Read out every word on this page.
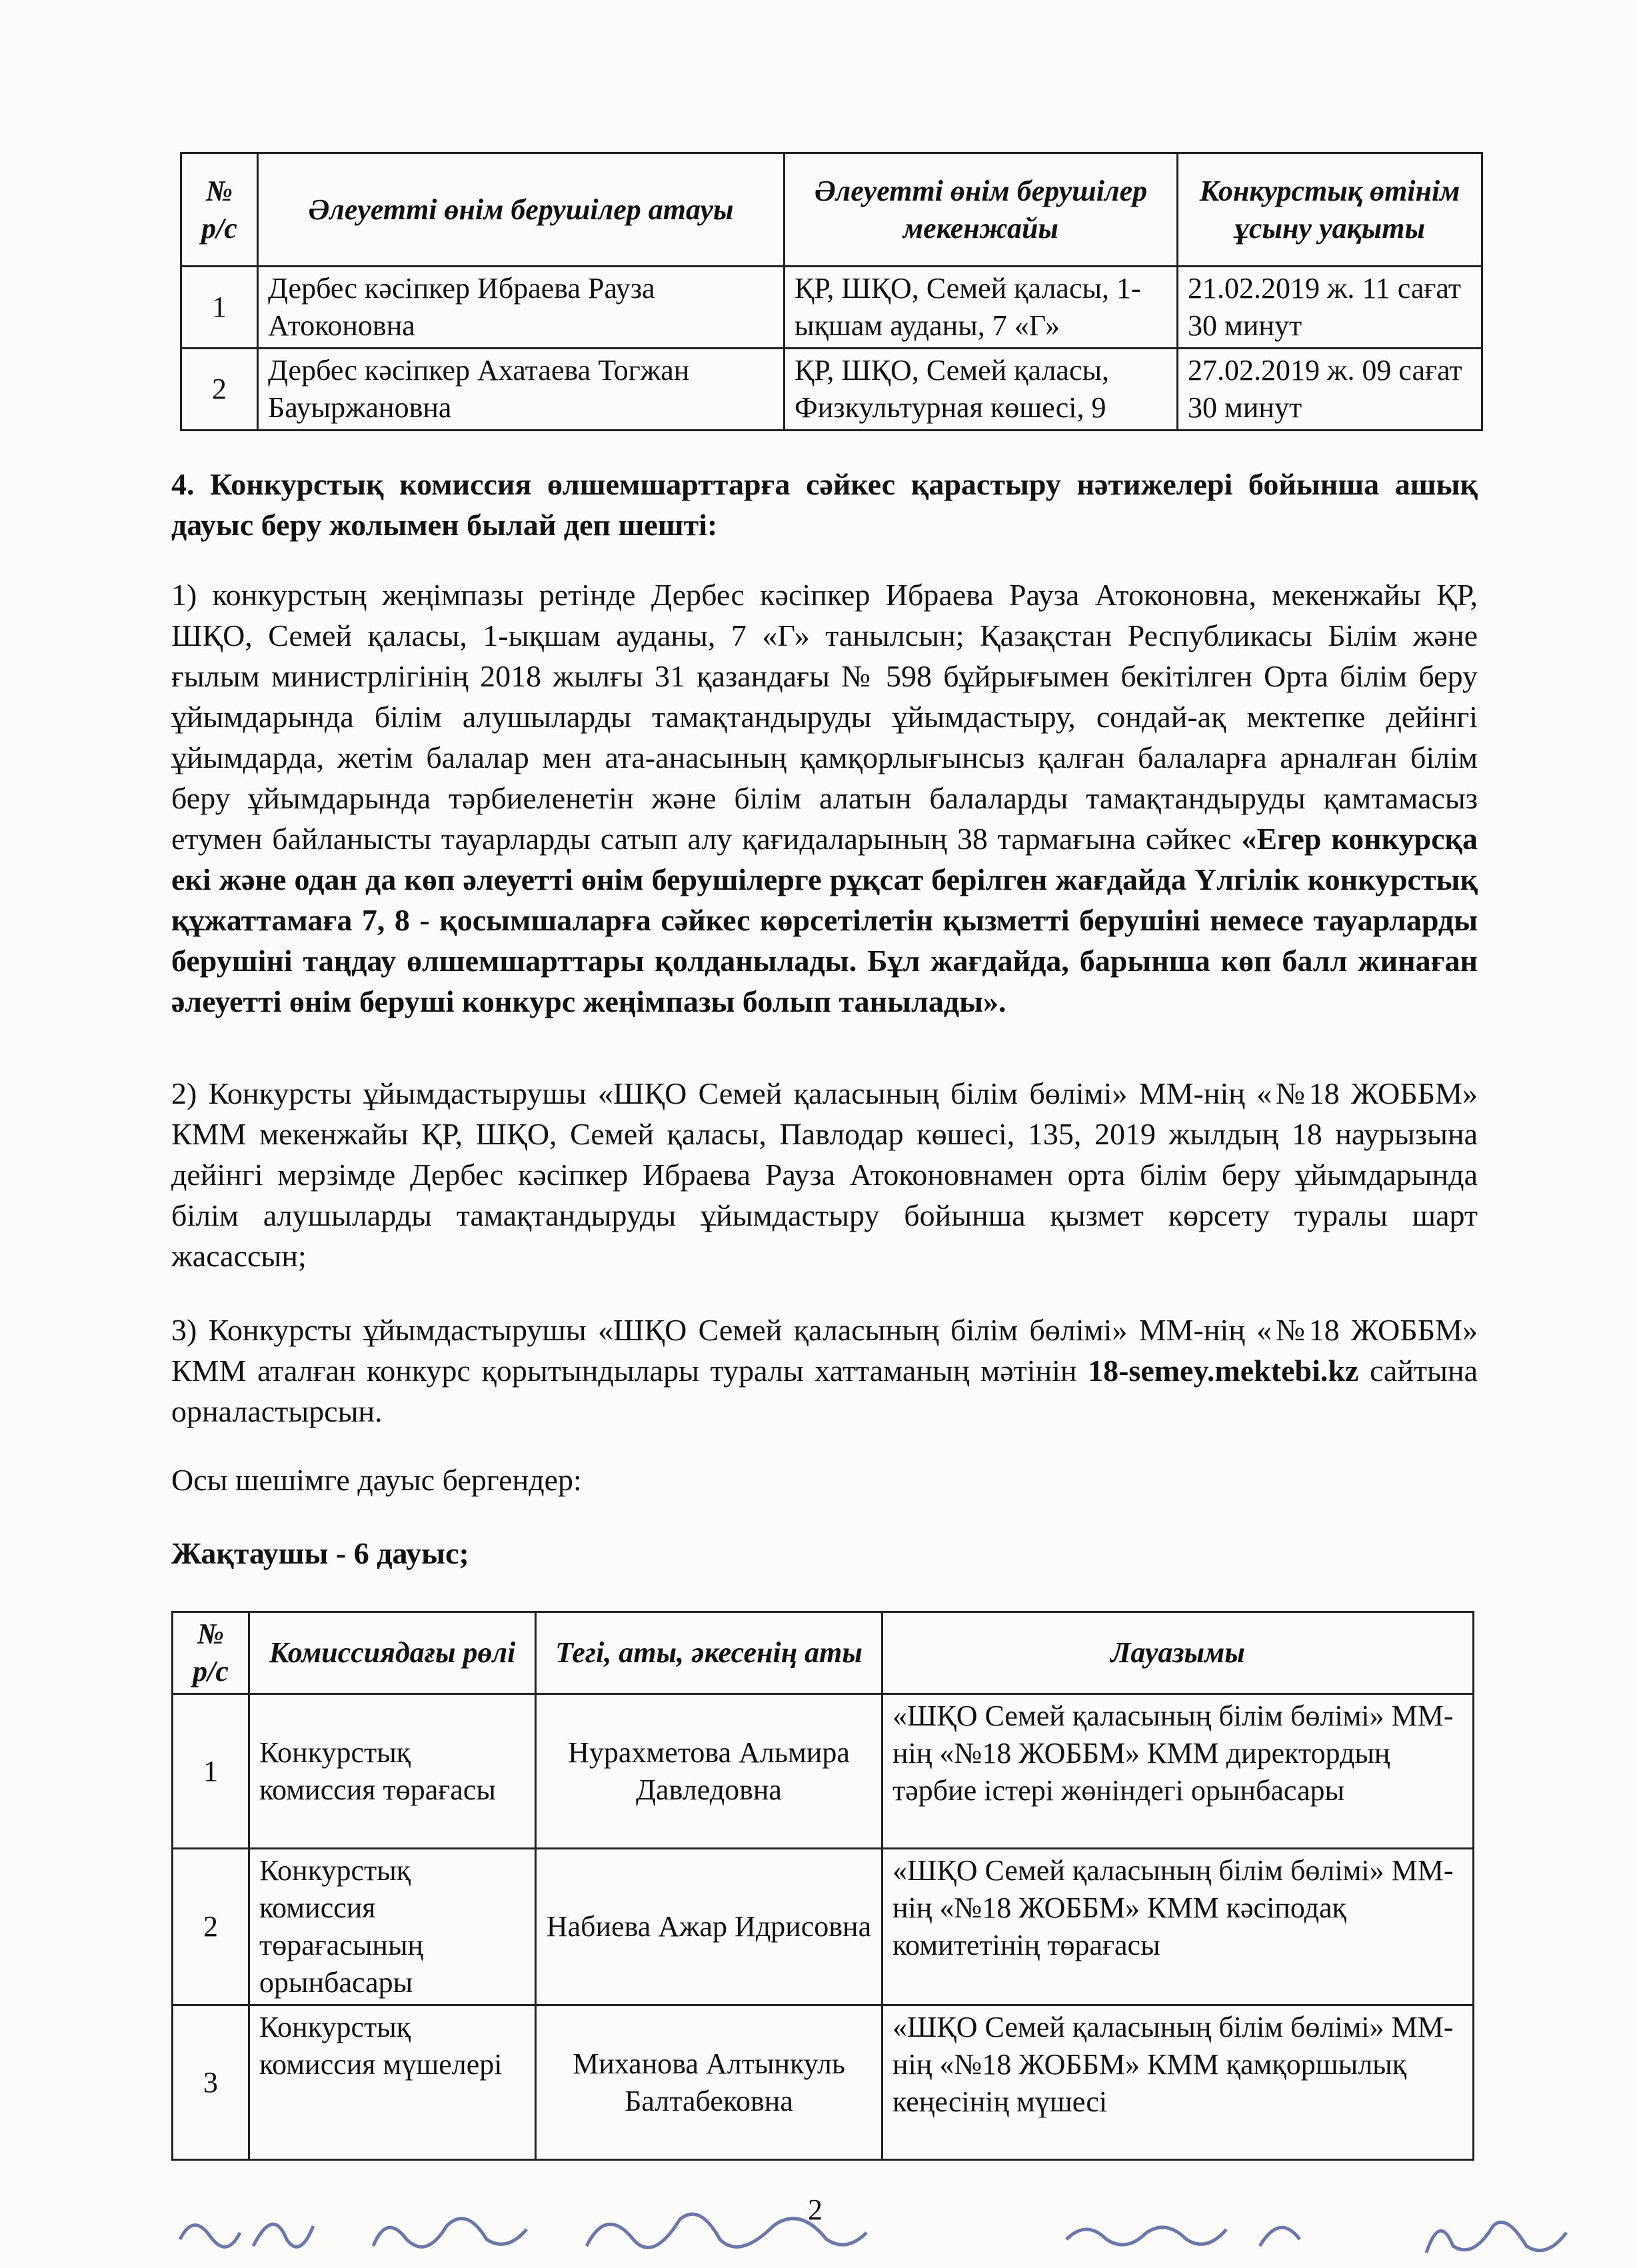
№ р/с	Әлеуетті өнім берушілер атауы	Әлеуетті өнім берушілер мекенжайы	Конкурстық өтінім ұсыну уақыты
1	Дербес кәсіпкер Ибраева Рауза Атоконовна	ҚР, ШҚО, Семей қаласы, 1-ықшам ауданы, 7 «Г»	21.02.2019 ж. 11 сағат 30 минут
2	Дербес кәсіпкер Ахатаева Тогжан Бауыржановна	ҚР, ШҚО, Семей қаласы, Физкультурная көшесі, 9	27.02.2019 ж. 09 сағат 30 минут
4. Конкурстық комиссия өлшемшарттарға сәйкес қарастыру нәтижелері бойынша ашық дауыс беру жолымен былай деп шешті:
1) конкурстың жеңімпазы ретінде Дербес кәсіпкер Ибраева Рауза Атоконовна, мекенжайы ҚР, ШҚО, Семей қаласы, 1-ықшам ауданы, 7 «Г» танылсын; Қазақстан Республикасы Білім және ғылым министрлігінің 2018 жылғы 31 қазандағы № 598 бұйрығымен бекітілген Орта білім беру ұйымдарында білім алушыларды тамақтандыруды ұйымдастыру, сондай-ақ мектепке дейінгі ұйымдарда, жетім балалар мен ата-анасының қамқорлығынсыз қалған балаларға арналған білім беру ұйымдарында тәрбиеленетін және білім алатын балаларды тамақтандыруды қамтамасыз етумен байланысты тауарларды сатып алу қағидаларының 38 тармағына сәйкес «Егер конкурсқа екі және одан да көп әлеуетті өнім берушілерге рұқсат берілген жағдайда Үлгілік конкурстық құжаттамаға 7, 8 - қосымшаларға сәйкес көрсетілетін қызметті берушіні немесе тауарларды берушіні таңдау өлшемшарттары қолданылады. Бұл жағдайда, барынша көп балл жинаған әлеуетті өнім беруші конкурс жеңімпазы болып танылады».
2) Конкурсты ұйымдастырушы «ШҚО Семей қаласының білім бөлімі» ММ-нің «№18 ЖОББМ» КММ мекенжайы ҚР, ШҚО, Семей қаласы, Павлодар көшесі, 135, 2019 жылдың 18 наурызына дейінгі мерзімде Дербес кәсіпкер Ибраева Рауза Атоконовнамен орта білім беру ұйымдарында білім алушыларды тамақтандыруды ұйымдастыру бойынша қызмет көрсету туралы шарт жасассын;
3) Конкурсты ұйымдастырушы «ШҚО Семей қаласының білім бөлімі» ММ-нің «№18 ЖОББМ» КММ аталған конкурс қорытындылары туралы хаттаманың мәтінін 18-semey.mektebi.kz сайтына орналастырсын.
Осы шешімге дауыс бергендер:
Жақтаушы - 6 дауыс;
№ р/с	Комиссиядағы рөлі	Тегі, аты, әкесенің аты	Лауазымы
1	Конкурстық комиссия төрағасы	Нурахметова Альмира Давледовна	«ШҚО Семей қаласының білім бөлімі» ММ-нің «№18 ЖОББМ» КММ директордың тәрбие істері жөніндегі орынбасары
2	Конкурстық комиссия төрағасының орынбасары	Набиева Ажар Идрисовна	«ШҚО Семей қаласының білім бөлімі» ММ-нің «№18 ЖОББМ» КММ кәсіподақ комитетінің төрағасы
3	Конкурстық комиссия мүшелері	Миханова Алтынкуль Балтабековна	«ШҚО Семей қаласының білім бөлімі» ММ-нің «№18 ЖОББМ» КММ қамқоршылық кеңесінің мүшесі
2
